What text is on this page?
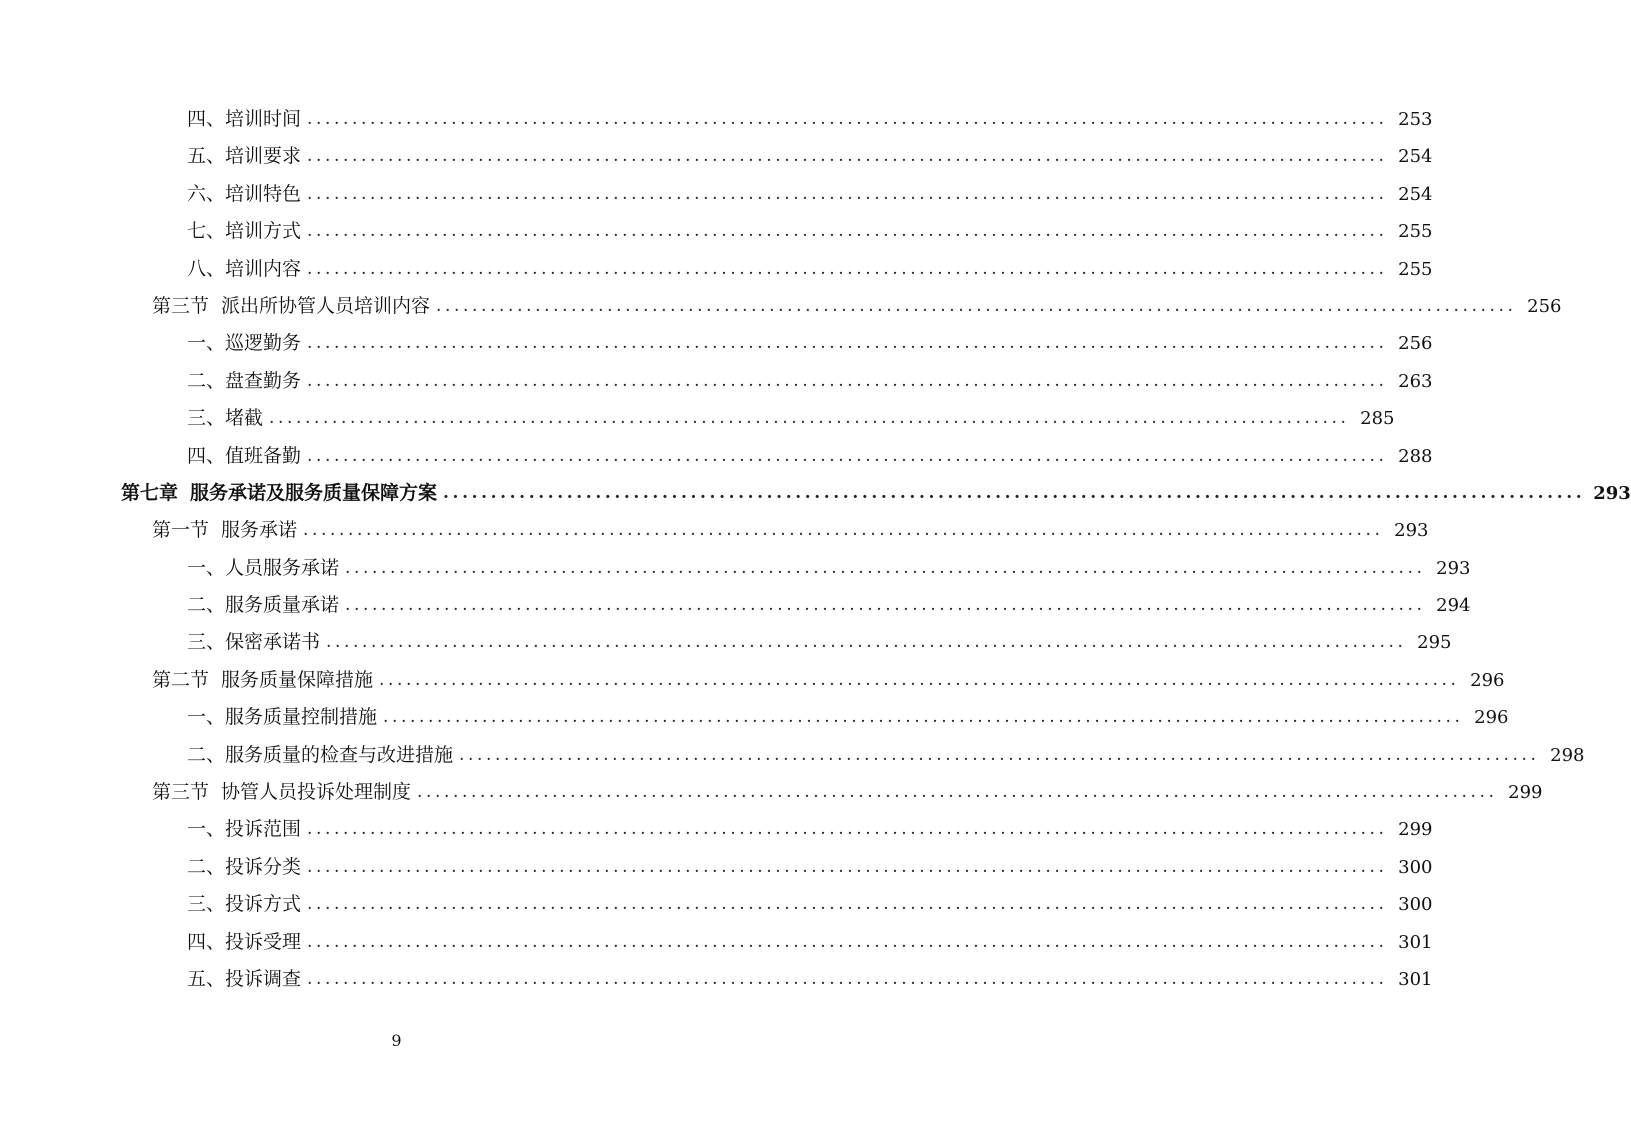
四、培训时间 ........................................................................................................................ 253
五、培训要求 ........................................................................................................................ 254
六、培训特色 ........................................................................................................................ 254
七、培训方式 ........................................................................................................................ 255
八、培训内容 ........................................................................................................................ 255
第三节 派出所协管人员培训内容 ........................................................................................................................ 256
一、巡逻勤务 ........................................................................................................................ 256
二、盘查勤务 ........................................................................................................................ 263
三、堵截 ........................................................................................................................ 285
四、值班备勤 ........................................................................................................................ 288
第七章 服务承诺及服务质量保障方案 ........................................................................................................................ 293
第一节 服务承诺 ........................................................................................................................ 293
一、人员服务承诺 ........................................................................................................................ 293
二、服务质量承诺 ........................................................................................................................ 294
三、保密承诺书 ........................................................................................................................ 295
第二节 服务质量保障措施 ........................................................................................................................ 296
一、服务质量控制措施 ........................................................................................................................ 296
二、服务质量的检查与改进措施 ........................................................................................................................ 298
第三节 协管人员投诉处理制度 ........................................................................................................................ 299
一、投诉范围 ........................................................................................................................ 299
二、投诉分类 ........................................................................................................................ 300
三、投诉方式 ........................................................................................................................ 300
四、投诉受理 ........................................................................................................................ 301
五、投诉调查 ........................................................................................................................ 301
9
